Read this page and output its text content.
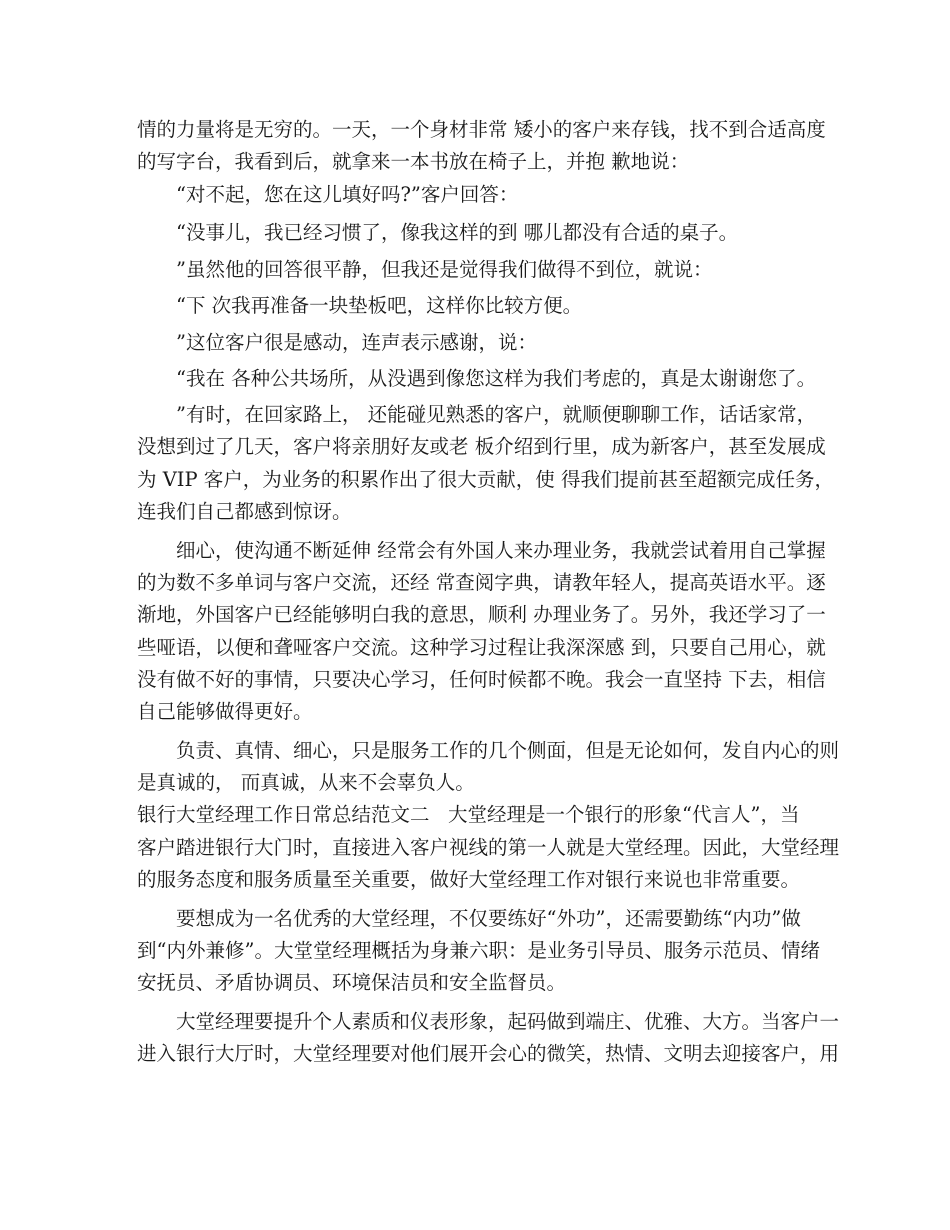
情的力量将是无穷的。一天，一个身材非常 矮小的客户来存钱，找不到合适高度
的写字台，我看到后，就拿来一本书放在椅子上，并抱 歉地说：
“对不起，您在这儿填好吗?”客户回答：
“没事儿，我已经习惯了，像我这样的到 哪儿都没有合适的桌子。
”虽然他的回答很平静，但我还是觉得我们做得不到位，就说：
“下 次我再准备一块垫板吧，这样你比较方便。
”这位客户很是感动，连声表示感谢，说：
“我在 各种公共场所，从没遇到像您这样为我们考虑的，真是太谢谢您了。
”有时，在回家路上， 还能碰见熟悉的客户，就顺便聊聊工作，话话家常，
没想到过了几天，客户将亲朋好友或老 板介绍到行里，成为新客户，甚至发展成
为 VIP 客户，为业务的积累作出了很大贡献，使 得我们提前甚至超额完成任务，
连我们自己都感到惊讶。
细心，使沟通不断延伸 经常会有外国人来办理业务，我就尝试着用自己掌握
的为数不多单词与客户交流，还经 常查阅字典，请教年轻人，提高英语水平。逐
渐地，外国客户已经能够明白我的意思，顺利 办理业务了。另外，我还学习了一
些哑语，以便和聋哑客户交流。这种学习过程让我深深感 到，只要自己用心，就
没有做不好的事情，只要决心学习，任何时候都不晚。我会一直坚持 下去，相信
自己能够做得更好。
负责、真情、细心，只是服务工作的几个侧面，但是无论如何，发自内心的则
是真诚的， 而真诚，从来不会辜负人。

银行大堂经理工作日常总结范文二

大堂经理是一个银行的形象“代言人”，当

客户踏进银行大门时，直接进入客户视线的第一人就是大堂经理。因此，大堂经理
的服务态度和服务质量至关重要，做好大堂经理工作对银行来说也非常重要。
要想成为一名优秀的大堂经理，不仅要练好“外功”，还需要勤练“内功”做
到“内外兼修”。大堂堂经理概括为身兼六职：是业务引导员、服务示范员、情绪
安抚员、矛盾协调员、环境保洁员和安全监督员。
大堂经理要提升个人素质和仪表形象，起码做到端庄、优雅、大方。当客户一
进入银行大厅时，大堂经理要对他们展开会心的微笑，热情、文明去迎接客户，用
